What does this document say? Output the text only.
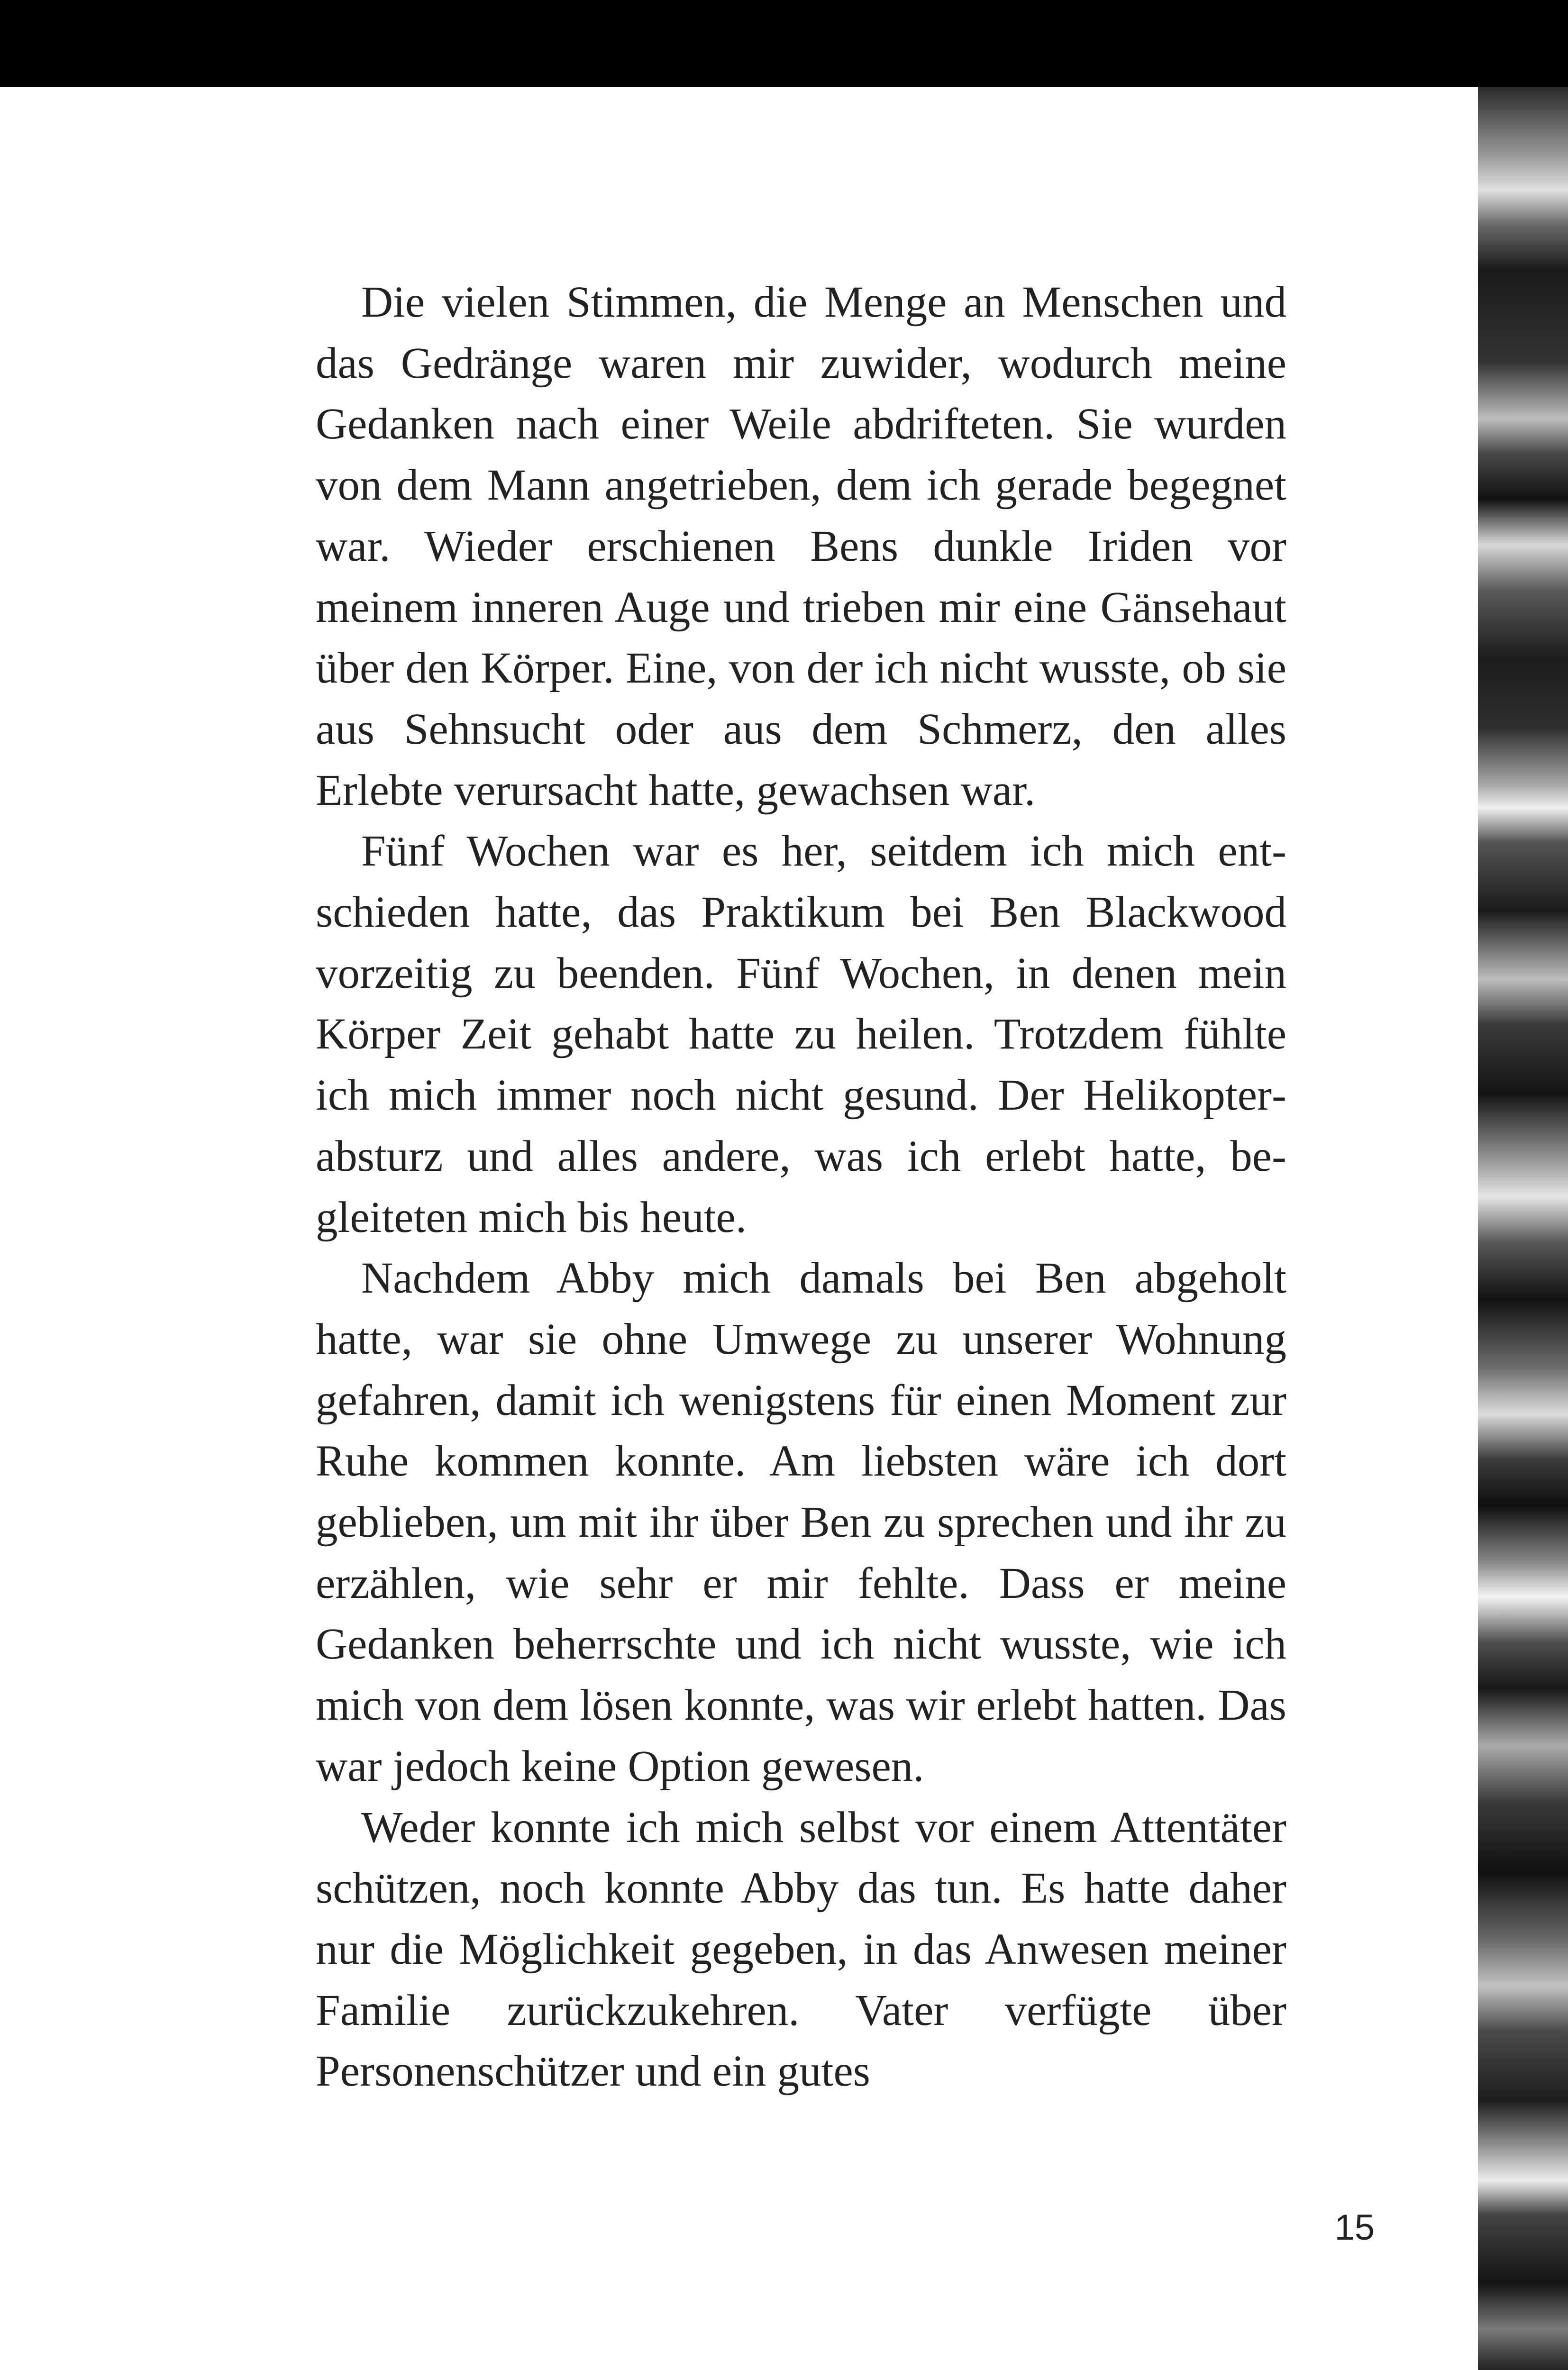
Die vielen Stimmen, die Menge an Menschen und das Gedränge waren mir zuwider, wodurch meine Gedanken nach einer Weile abdrifteten. Sie wurden von dem Mann angetrieben, dem ich gerade begegnet war. Wieder erschienen Bens dunkle Iriden vor meinem inneren Auge und trieben mir eine Gänsehaut über den Körper. Eine, von der ich nicht wusste, ob sie aus Sehnsucht oder aus dem Schmerz, den alles Erlebte verursacht hatte, gewachsen war.

Fünf Wochen war es her, seitdem ich mich entschieden hatte, das Praktikum bei Ben Blackwood vorzeitig zu beenden. Fünf Wochen, in denen mein Körper Zeit gehabt hatte zu heilen. Trotzdem fühlte ich mich immer noch nicht gesund. Der Helikopterabsturz und alles andere, was ich erlebt hatte, begleiteten mich bis heute.

Nachdem Abby mich damals bei Ben abgeholt hatte, war sie ohne Umwege zu unserer Wohnung gefahren, damit ich wenigstens für einen Moment zur Ruhe kommen konnte. Am liebsten wäre ich dort geblieben, um mit ihr über Ben zu sprechen und ihr zu erzählen, wie sehr er mir fehlte. Dass er meine Gedanken beherrschte und ich nicht wusste, wie ich mich von dem lösen konnte, was wir erlebt hatten. Das war jedoch keine Option gewesen.

Weder konnte ich mich selbst vor einem Attentäter schützen, noch konnte Abby das tun. Es hatte daher nur die Möglichkeit gegeben, in das Anwesen meiner Familie zurückzukehren. Vater verfügte über Personenschützer und ein gutes

15
